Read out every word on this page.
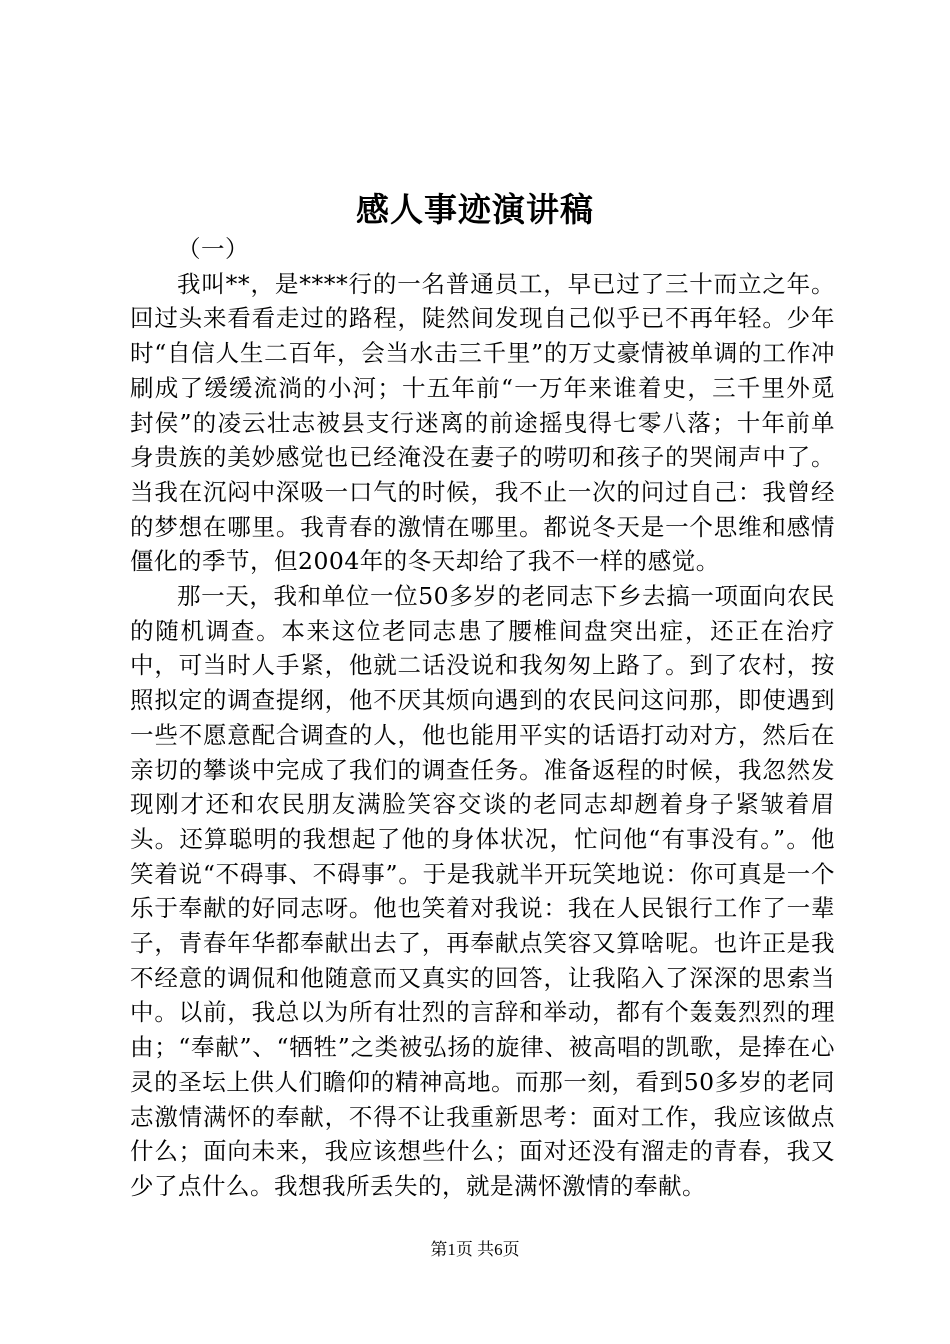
感人事迹演讲稿

（一）

我叫**，是****行的一名普通员工，早已过了三十而立之年。回过头来看看走过的路程，陡然间发现自己似乎已不再年轻。少年时“自信人生二百年，会当水击三千里”的万丈豪情被单调的工作冲刷成了缓缓流淌的小河；十五年前“一万年来谁着史，三千里外觅封侯”的凌云壮志被县支行迷离的前途摇曳得七零八落；十年前单身贵族的美妙感觉也已经淹没在妻子的唠叨和孩子的哭闹声中了。当我在沉闷中深吸一口气的时候，我不止一次的问过自己：我曾经的梦想在哪里。我青春的激情在哪里。都说冬天是一个思维和感情僵化的季节，但2004年的冬天却给了我不一样的感觉。

那一天，我和单位一位50多岁的老同志下乡去搞一项面向农民的随机调查。本来这位老同志患了腰椎间盘突出症，还正在治疗中，可当时人手紧，他就二话没说和我匆匆上路了。到了农村，按照拟定的调查提纲，他不厌其烦向遇到的农民问这问那，即使遇到一些不愿意配合调查的人，他也能用平实的话语打动对方，然后在亲切的攀谈中完成了我们的调查任务。准备返程的时候，我忽然发现刚才还和农民朋友满脸笑容交谈的老同志却趔着身子紧皱着眉头。还算聪明的我想起了他的身体状况，忙问他“有事没有。”。他笑着说“不碍事、不碍事”。于是我就半开玩笑地说：你可真是一个乐于奉献的好同志呀。他也笑着对我说：我在人民银行工作了一辈子，青春年华都奉献出去了，再奉献点笑容又算啥呢。也许正是我不经意的调侃和他随意而又真实的回答，让我陷入了深深的思索当中。以前，我总以为所有壮烈的言辞和举动，都有个轰轰烈烈的理由；“奉献”、“牺牲”之类被弘扬的旋律、被高唱的凯歌，是捧在心灵的圣坛上供人们瞻仰的精神高地。而那一刻，看到50多岁的老同志激情满怀的奉献，不得不让我重新思考：面对工作，我应该做点什么；面向未来，我应该想些什么；面对还没有溜走的青春，我又少了点什么。我想我所丢失的，就是满怀激情的奉献。

第1页 共6页
